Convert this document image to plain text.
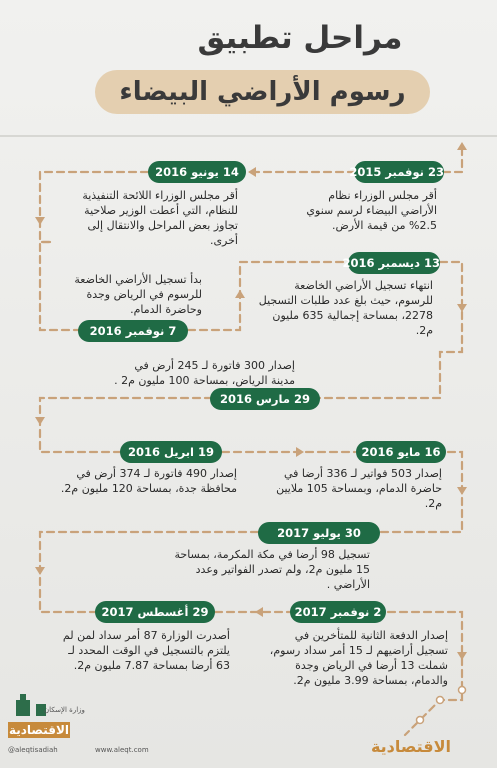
مراحل تطبيق
رسوم الأراضي البيضاء
23 نوفمبر 2015
أقر مجلس الوزراء نظام الأراضي البيضاء لرسم سنوي 2.5% من قيمة الأرض.
14 يونيو 2016
أقر مجلس الوزراء اللائحة التنفيذية للنظام، التي أعطت الوزير صلاحية تجاوز بعض المراحل والانتقال إلى أخرى.
13 ديسمبر 2016
انتهاء تسجيل الأراضي الخاضعة للرسوم، حيث بلغ عدد طلبات التسجيل 2278، بمساحة إجمالية 635 مليون م2.
بدأ تسجيل الأراضي الخاضعة للرسوم في الرياض وجدة وحاضرة الدمام.
7 نوفمبر 2016
إصدار 300 فاتورة لـ 245 أرض في مدينة الرياض، بمساحة 100 مليون م2 .
29 مارس 2016
16 مايو 2016
إصدار 503 فواتير لـ 336 أرضا في حاضرة الدمام، وبمساحة 105 ملايين م2.
19 ابريل 2016
إصدار 490 فاتورة لـ 374 أرض في محافظة جدة، بمساحة 120 مليون م2.
30 يوليو 2017
تسجيل 98 أرضا في مكة المكرمة، بمساحة 15 مليون م2، ولم تصدر الفواتير وعدد الأراضي .
2 نوفمبر 2017
إصدار الدفعة الثانية للمتأخرين في تسجيل أراضيهم لـ 15 أمر سداد رسوم، شملت 13 أرضا في الرياض وجدة والدمام، بمساحة 3.99 مليون م2.
29 أغسطس 2017
أصدرت الوزارة 87 أمر سداد لمن لم يلتزم بالتسجيل في الوقت المحدد لـ 63 أرضا بمساحة 7.87 مليون م2.
وزارة الإسكان
الاقتصادية
@aleqtisadiah	www.aleqt.com	الاقتصادية
